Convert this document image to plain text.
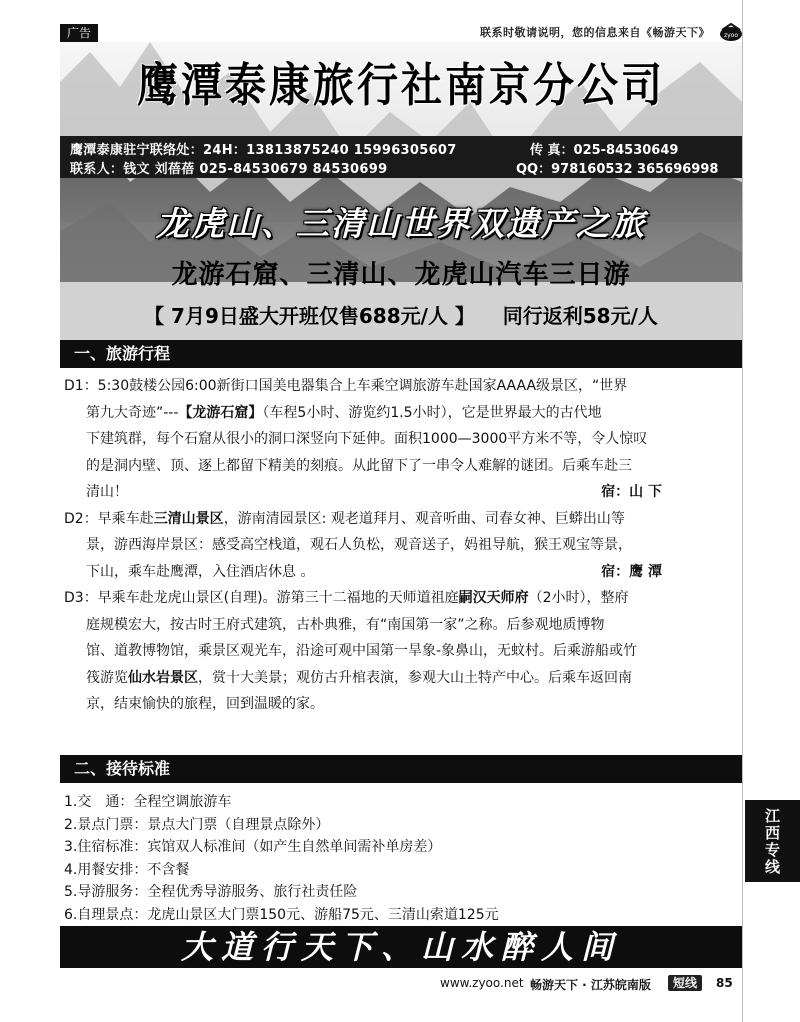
广告	联系时敬请说明，您的信息来自《畅游天下》 zyoo
鹰潭泰康旅行社南京分公司
鹰潭泰康驻宁联络处：24H：13813875240 15996305607	传 真：025-84530649
联系人：钱文 刘蓓蓓 025-84530679 84530699	QQ：978160532 365696998
龙虎山、三清山世界双遗产之旅
龙游石窟、三清山、龙虎山汽车三日游
【 7月9日盛大开班仅售688元/人 】    同行返利58元/人
一、旅游行程

D1：5:30鼓楼公园6:00新街口国美电器集合上车乘空调旅游车赴国家AAAA级景区，“世界

第九大奇迹”---【龙游石窟】（车程5小时、游览约1.5小时），它是世界最大的古代地

下建筑群，每个石窟从很小的洞口深竖向下延伸。面积1000—3000平方米不等，令人惊叹

的是洞内壁、顶、逐上都留下精美的刻痕。从此留下了一串令人难解的谜团。后乘车赴三

清山！	宿：山 下

D2：早乘车赴三清山景区，游南清园景区: 观老道拜月、观音听曲、司春女神、巨蟒出山等

景，游西海岸景区：感受高空栈道，观石人负松，观音送子，妈祖导航，猴王观宝等景，

下山，乘车赴鹰潭，入住酒店休息 。	宿：鹰 潭

D3：早乘车赴龙虎山景区(自理)。游第三十二福地的天师道祖庭嗣汉天师府（2小时），整府

庭规模宏大，按古时王府式建筑，古朴典雅，有“南国第一家”之称。后参观地质博物

馆、道教博物馆，乘景区观光车，沿途可观中国第一旱象-象鼻山，无蚊村。后乘游船或竹

筏游览仙水岩景区，赏十大美景；观仿古升棺表演，参观大山土特产中心。后乘车返回南

京，结束愉快的旅程，回到温暖的家。

二、接待标准
1.交　通：全程空调旅游车
2.景点门票：景点大门票（自理景点除外）
3.住宿标准：宾馆双人标准间（如产生自然单间需补单房差）
4.用餐安排：不含餐
5.导游服务：全程优秀导游服务、旅行社责任险
6.自理景点：龙虎山景区大门票150元、游船75元、三清山索道125元
江
西
专
线
大道行天下、山水醉人间
www.zyoo.net 畅游天下 · 江苏皖南版	短线	85
